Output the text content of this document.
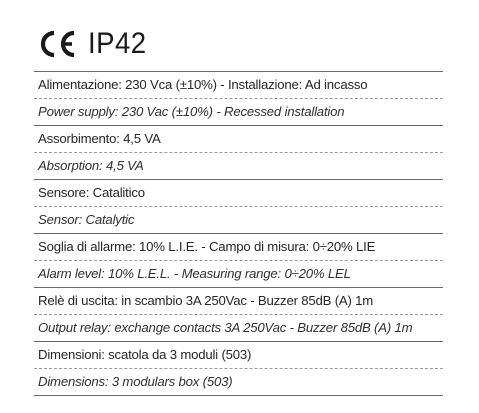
IP42
Alimentazione: 230 Vca (±10%) - Installazione: Ad incasso
Power supply: 230 Vac (±10%) - Recessed installation
Assorbimento: 4,5 VA
Absorption: 4,5 VA
Sensore: Catalitico
Sensor: Catalytic
Soglia di allarme: 10% L.I.E. - Campo di misura: 0÷20% LIE
Alarm level: 10% L.E.L. - Measuring range: 0÷20% LEL
Relè di uscita: in scambio 3A 250Vac - Buzzer 85dB (A) 1m
Output relay: exchange contacts 3A 250Vac - Buzzer 85dB (A) 1m
Dimensioni: scatola da 3 moduli (503)
Dimensions: 3 modulars box (503)
